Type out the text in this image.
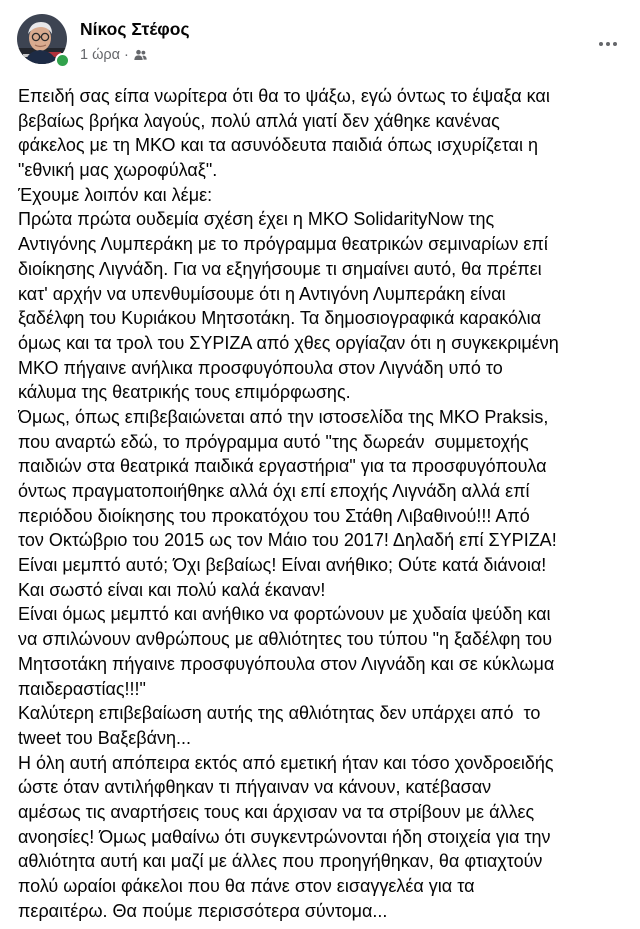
Νίκος Στέφος
1 ώρα ·
Επειδή σας είπα νωρίτερα ότι θα το ψάξω, εγώ όντως το έψαξα και
βεβαίως βρήκα λαγούς, πολύ απλά γιατί δεν χάθηκε κανένας
φάκελος με τη ΜΚΟ και τα ασυνόδευτα παιδιά όπως ισχυρίζεται η
"εθνική μας χωροφύλαξ".
Έχουμε λοιπόν και λέμε:
Πρώτα πρώτα ουδεμία σχέση έχει η ΜΚΟ SolidarityNow της
Αντιγόνης Λυμπεράκη με το πρόγραμμα θεατρικών σεμιναρίων επί
διοίκησης Λιγνάδη. Για να εξηγήσουμε τι σημαίνει αυτό, θα πρέπει
κατ' αρχήν να υπενθυμίσουμε ότι η Αντιγόνη Λυμπεράκη είναι
ξαδέλφη του Κυριάκου Μητσοτάκη. Τα δημοσιογραφικά καρακόλια
όμως και τα τρολ του ΣΥΡΙΖΑ από χθες οργίαζαν ότι η συγκεκριμένη
ΜΚΟ πήγαινε ανήλικα προσφυγόπουλα στον Λιγνάδη υπό το
κάλυμα της θεατρικής τους επιμόρφωσης.
Όμως, όπως επιβεβαιώνεται από την ιστοσελίδα της ΜΚΟ Praksis,
που αναρτώ εδώ, το πρόγραμμα αυτό "της δωρεάν  συμμετοχής
παιδιών στα θεατρικά παιδικά εργαστήρια" για τα προσφυγόπουλα
όντως πραγματοποιήθηκε αλλά όχι επί εποχής Λιγνάδη αλλά επί
περιόδου διοίκησης του προκατόχου του Στάθη Λιβαθινού!!! Από
τον Οκτώβριο του 2015 ως τον Μάιο του 2017! Δηλαδή επί ΣΥΡΙΖΑ!
Είναι μεμπτό αυτό; Όχι βεβαίως! Είναι ανήθικο; Ούτε κατά διάνοια!
Και σωστό είναι και πολύ καλά έκαναν!
Είναι όμως μεμπτό και ανήθικο να φορτώνουν με χυδαία ψεύδη και
να σπιλώνουν ανθρώπους με αθλιότητες του τύπου "η ξαδέλφη του
Μητσοτάκη πήγαινε προσφυγόπουλα στον Λιγνάδη και σε κύκλωμα
παιδεραστίας!!!"
Καλύτερη επιβεβαίωση αυτής της αθλιότητας δεν υπάρχει από  το
tweet του Βαξεβάνη...
Η όλη αυτή απόπειρα εκτός από εμετική ήταν και τόσο χονδροειδής
ώστε όταν αντιλήφθηκαν τι πήγαιναν να κάνουν, κατέβασαν
αμέσως τις αναρτήσεις τους και άρχισαν να τα στρίβουν με άλλες
ανοησίες! Όμως μαθαίνω ότι συγκεντρώνονται ήδη στοιχεία για την
αθλιότητα αυτή και μαζί με άλλες που προηγήθηκαν, θα φτιαχτούν
πολύ ωραίοι φάκελοι που θα πάνε στον εισαγγελέα για τα
περαιτέρω. Θα πούμε περισσότερα σύντομα...
